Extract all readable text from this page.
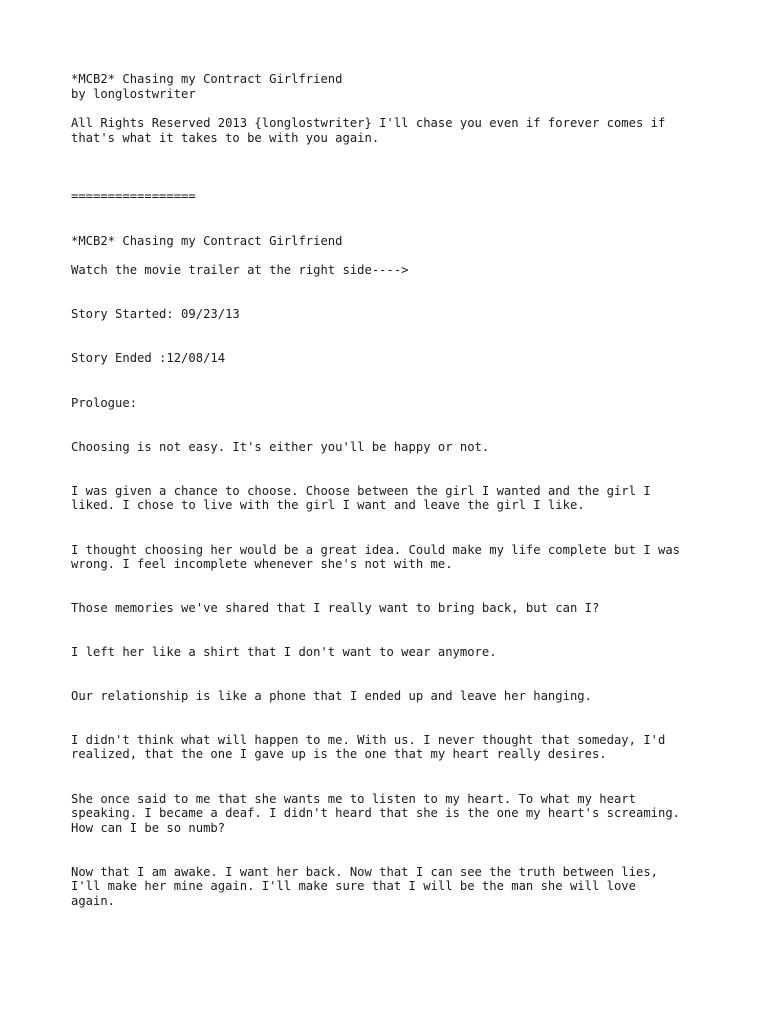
*MCB2* Chasing my Contract Girlfriend
by longlostwriter
All Rights Reserved 2013 {longlostwriter} I'll chase you even if forever comes if
that's what it takes to be with you again.
=================
*MCB2* Chasing my Contract Girlfriend
Watch the movie trailer at the right side---->
Story Started: 09/23/13
Story Ended :12/08/14
Prologue:
Choosing is not easy. It's either you'll be happy or not.
I was given a chance to choose. Choose between the girl I wanted and the girl I
liked. I chose to live with the girl I want and leave the girl I like.
I thought choosing her would be a great idea. Could make my life complete but I was
wrong. I feel incomplete whenever she's not with me.
Those memories we've shared that I really want to bring back, but can I?
I left her like a shirt that I don't want to wear anymore.
Our relationship is like a phone that I ended up and leave her hanging.
I didn't think what will happen to me. With us. I never thought that someday, I'd
realized, that the one I gave up is the one that my heart really desires.
She once said to me that she wants me to listen to my heart. To what my heart
speaking. I became a deaf. I didn't heard that she is the one my heart's screaming.
How can I be so numb?
Now that I am awake. I want her back. Now that I can see the truth between lies,
I'll make her mine again. I'll make sure that I will be the man she will love
again.
